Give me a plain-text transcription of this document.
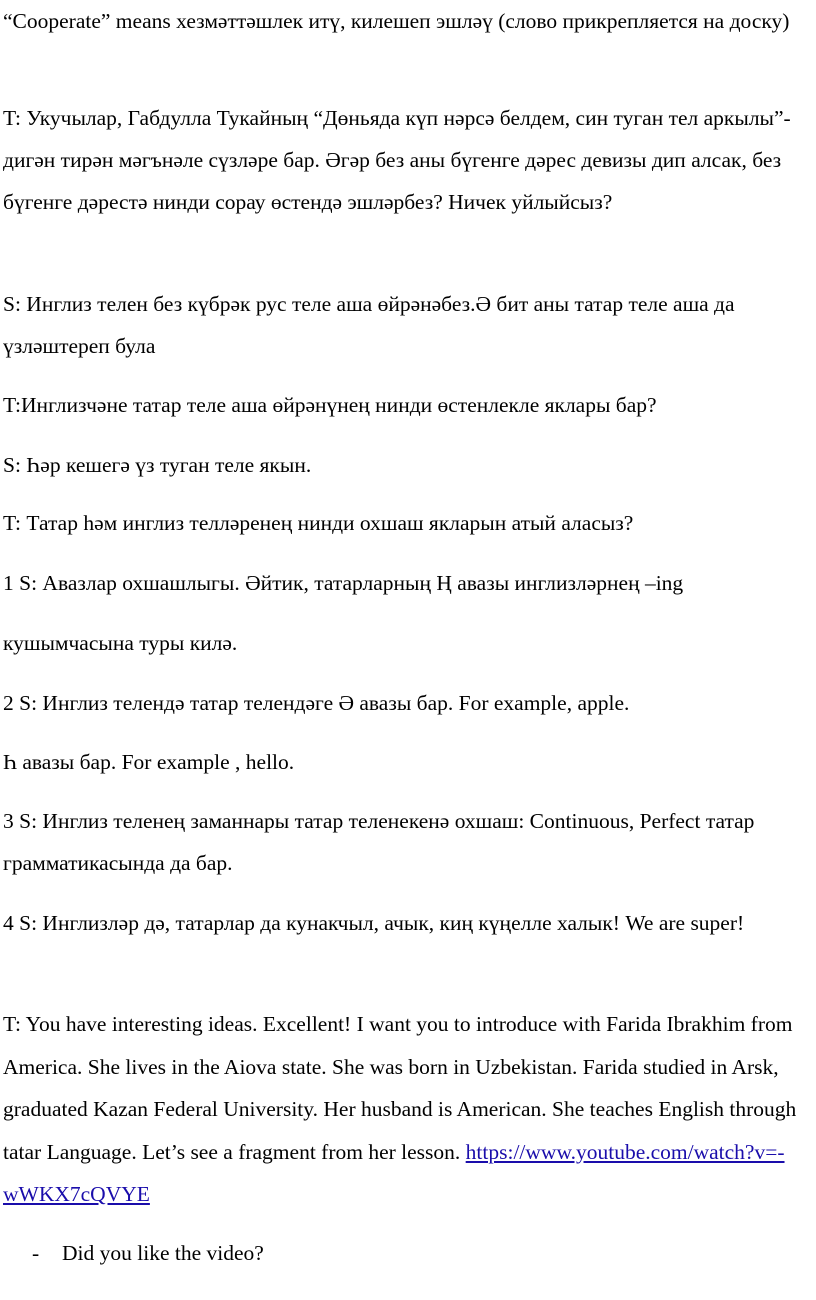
“Cooperate” means хезмәттәшлек итү, килешеп эшләү (слово прикрепляется на доску)

T: Укучылар, Габдулла Тукайның “Дөньяда күп нәрсә белдем, син туган тел аркылы”-дигән тирән мәгънәле сүзләре бар. Әгәр без аны бүгенге дәрес девизы дип алсак, без бүгенге дәрестә нинди сорау өстендә эшләрбез? Ничек уйлыйсыз?

S: Инглиз телен без күбрәк рус теле аша өйрәнәбез.Ә бит аны татар теле аша да үзләштереп була

T:Инглизчәне татар теле аша өйрәнүнең нинди өстенлекле яклары бар?

S: Һәр кешегә үз туган теле якын.

T: Татар һәм инглиз телләренең нинди охшаш якларын атый аласыз?

1 S: Авазлар охшашлыгы. Әйтик, татарларның Ң авазы инглизләрнең –ing

кушымчасына туры килә.

2 S: Инглиз телендә татар телендәге Ә авазы бар. For example, apple.

Һ авазы бар. For example , hello.

3 S: Инглиз теленең заманнары татар теленекенә охшаш: Continuous, Perfect татар грамматикасында да бар.

4 S: Инглизләр дә, татарлар да кунакчыл, ачык, киң күңелле халык! We are super!

T: You have interesting ideas. Excellent! I want you to introduce with Farida Ibrakhim from America. She lives in the Aiova state. She was born in Uzbekistan. Farida studied in Arsk, graduated Kazan Federal University. Her husband is American. She teaches English through tatar Language. Let’s see a fragment from her lesson. https://www.youtube.com/watch?v=-wWKX7cQVYE

- Did you like the video?
